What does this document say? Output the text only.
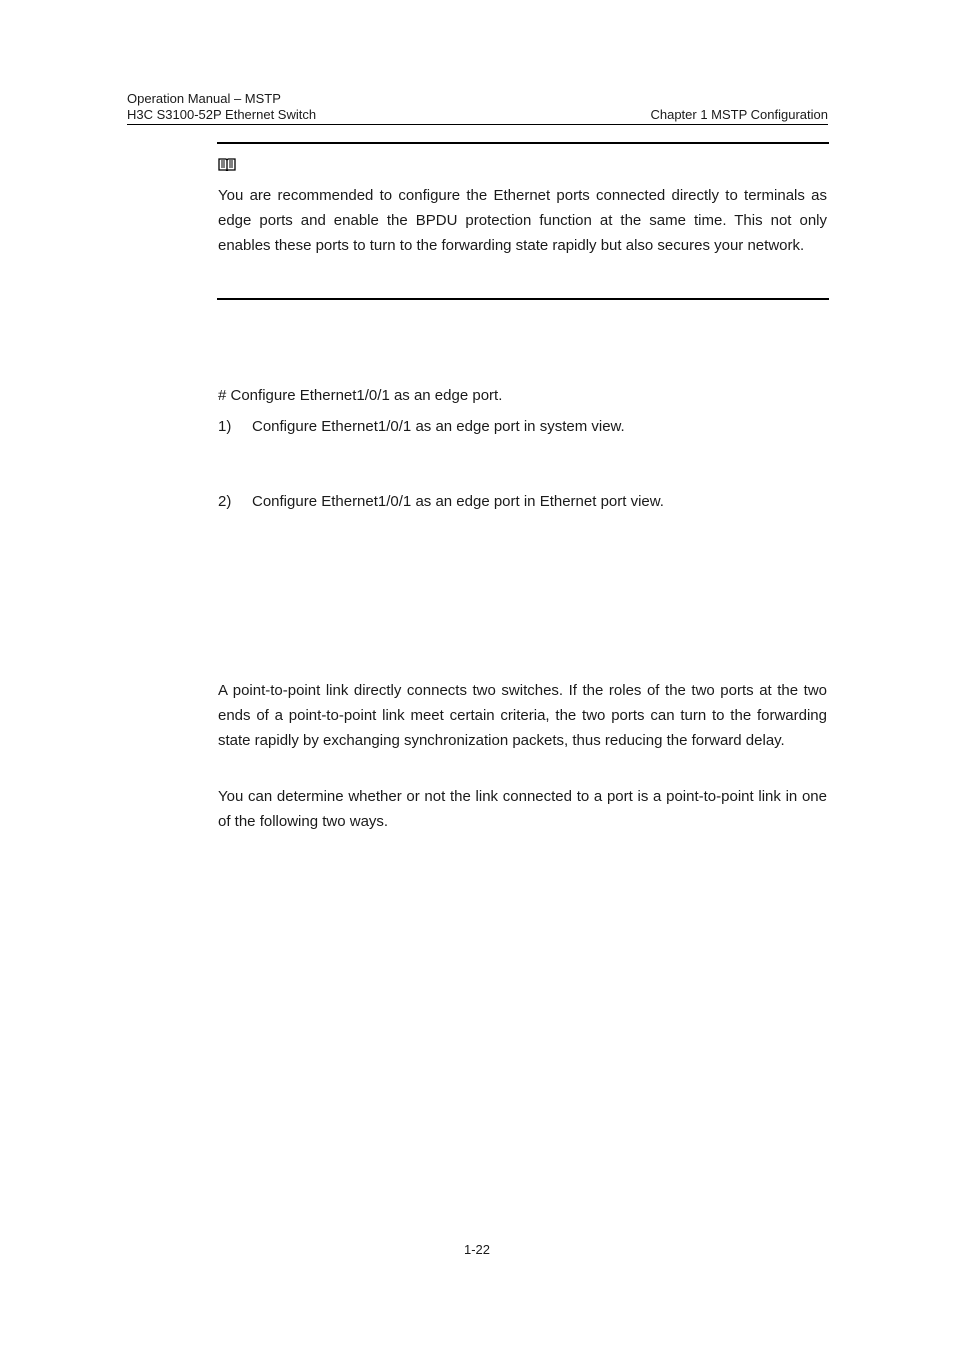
Operation Manual – MSTP
H3C S3100-52P Ethernet Switch	Chapter 1 MSTP Configuration

You are recommended to configure the Ethernet ports connected directly to terminals as edge ports and enable the BPDU protection function at the same time. This not only enables these ports to turn to the forwarding state rapidly but also secures your network.

# Configure Ethernet1/0/1 as an edge port.

1) Configure Ethernet1/0/1 as an edge port in system view.
2) Configure Ethernet1/0/1 as an edge port in Ethernet port view.

A point-to-point link directly connects two switches. If the roles of the two ports at the two ends of a point-to-point link meet certain criteria, the two ports can turn to the forwarding state rapidly by exchanging synchronization packets, thus reducing the forward delay.

You can determine whether or not the link connected to a port is a point-to-point link in one of the following two ways.

1-22
